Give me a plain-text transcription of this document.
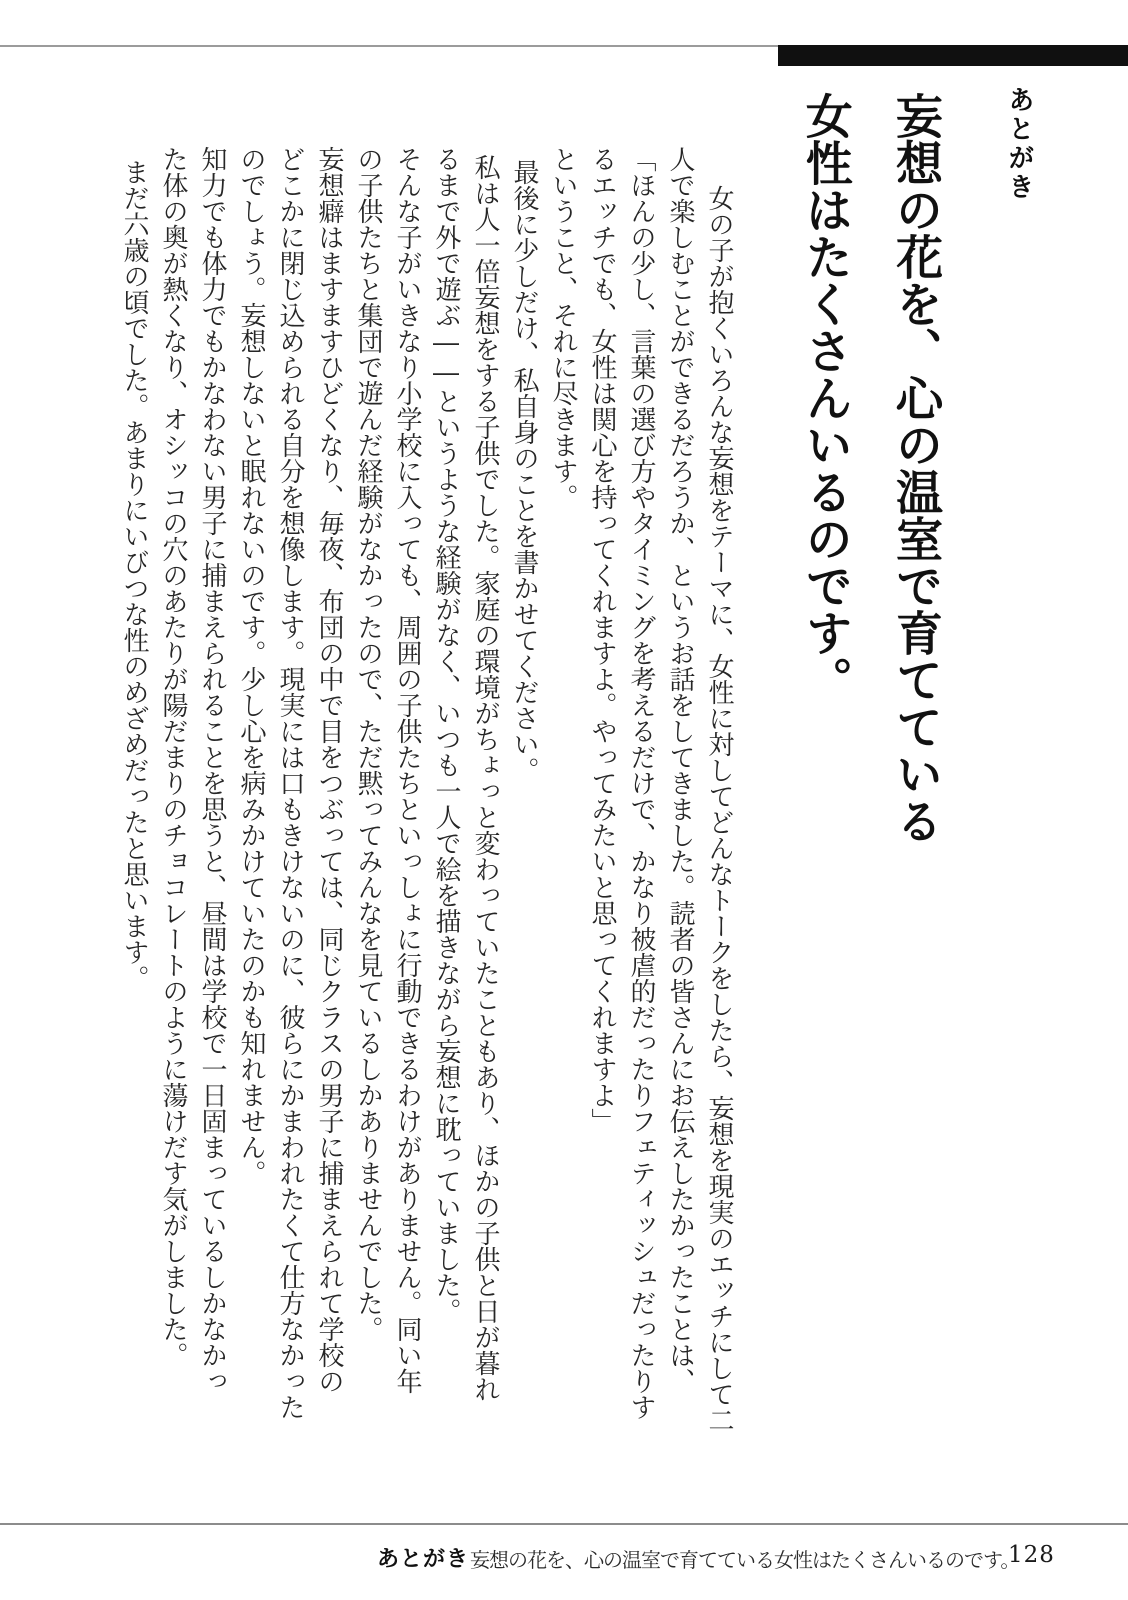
あとがき
妄想の花を、心の温室で育てている
女性はたくさんいるのです。
女の子が抱くいろんな妄想をテーマに、女性に対してどんなトークをしたら、妄想を現実のエッチにして二
人で楽しむことができるだろうか、というお話をしてきました。読者の皆さんにお伝えしたかったことは、
「ほんの少し、言葉の選び方やタイミングを考えるだけで、かなり被虐的だったりフェティッシュだったりす
るエッチでも、女性は関心を持ってくれますよ。やってみたいと思ってくれますよ」
ということ、それに尽きます。
最後に少しだけ、私自身のことを書かせてください。
私は人一倍妄想をする子供でした。家庭の環境がちょっと変わっていたこともあり、ほかの子供と日が暮れ
るまで外で遊ぶ――というような経験がなく、いつも一人で絵を描きながら妄想に耽っていました。
そんな子がいきなり小学校に入っても、周囲の子供たちといっしょに行動できるわけがありません。同い年
の子供たちと集団で遊んだ経験がなかったので、ただ黙ってみんなを見ているしかありませんでした。
妄想癖はますますひどくなり、毎夜、布団の中で目をつぶっては、同じクラスの男子に捕まえられて学校の
どこかに閉じ込められる自分を想像します。現実には口もきけないのに、彼らにかまわれたくて仕方なかった
のでしょう。妄想しないと眠れないのです。少し心を病みかけていたのかも知れません。
知力でも体力でもかなわない男子に捕まえられることを思うと、昼間は学校で一日固まっているしかなかっ
た体の奥が熱くなり、オシッコの穴のあたりが陽だまりのチョコレートのように蕩けだす気がしました。
まだ六歳の頃でした。あまりにいびつな性のめざめだったと思います。
あとがき 妄想の花を、心の温室で育てている女性はたくさんいるのです。
128
